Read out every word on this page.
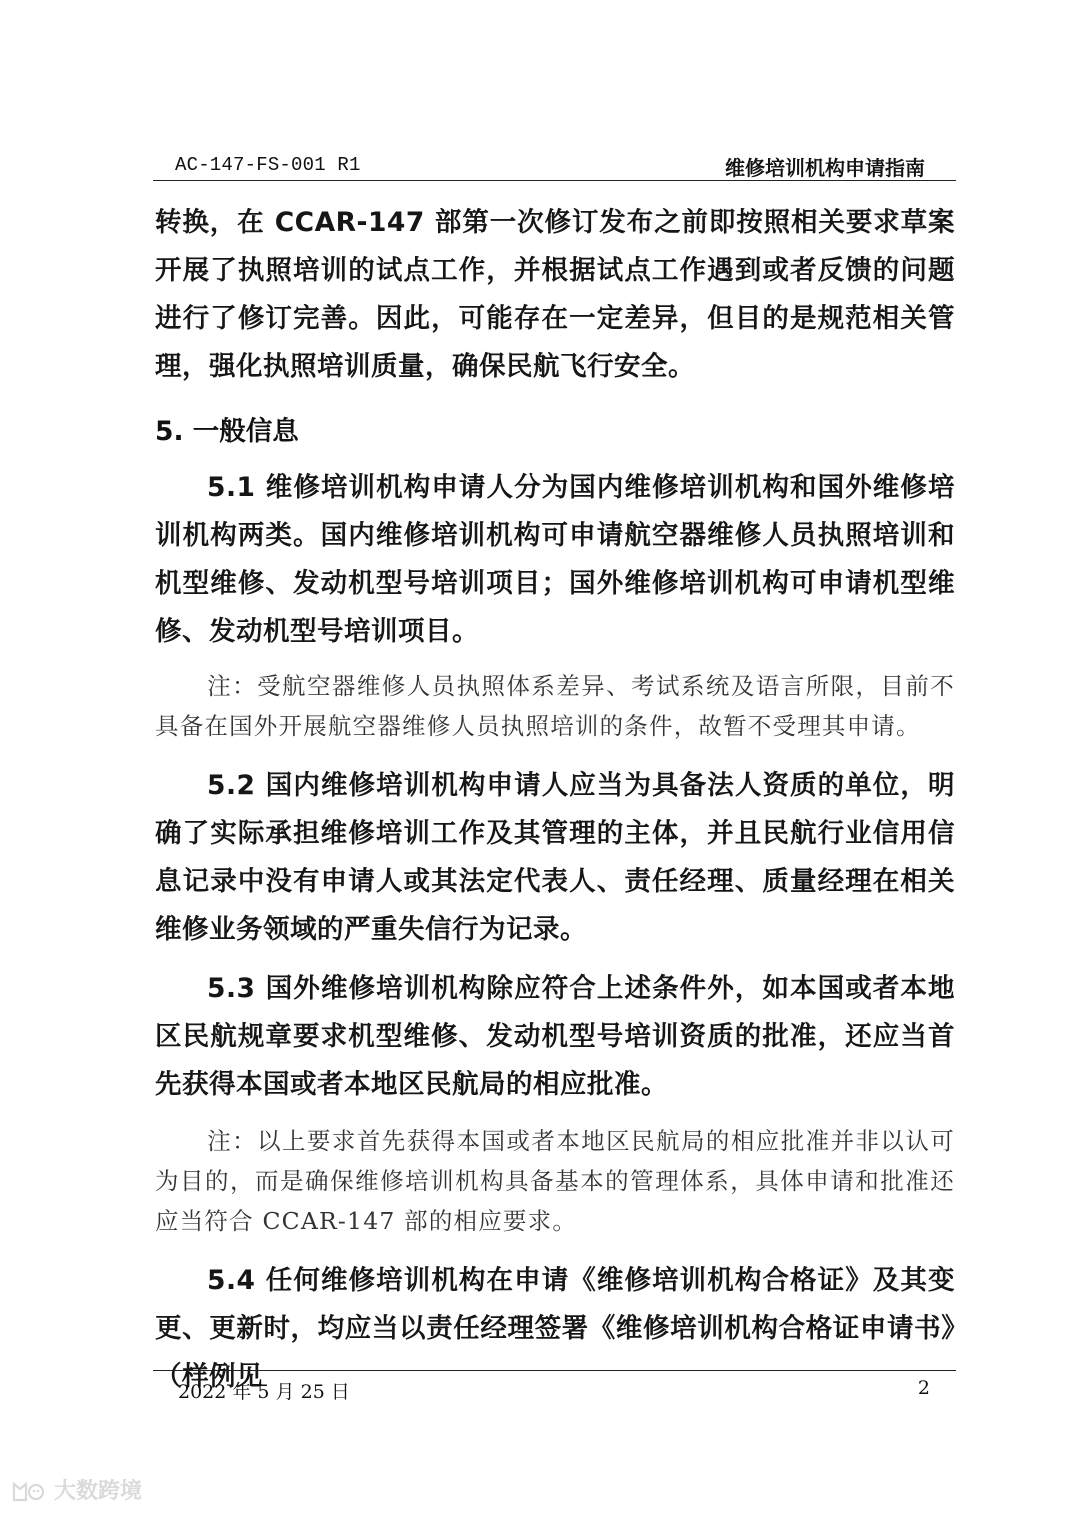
AC-147-FS-001 R1	维修培训机构申请指南
转换，在 CCAR-147 部第一次修订发布之前即按照相关要求草案开展了执照培训的试点工作，并根据试点工作遇到或者反馈的问题进行了修订完善。因此，可能存在一定差异，但目的是规范相关管理，强化执照培训质量，确保民航飞行安全。
5. 一般信息
5.1 维修培训机构申请人分为国内维修培训机构和国外维修培训机构两类。国内维修培训机构可申请航空器维修人员执照培训和机型维修、发动机型号培训项目；国外维修培训机构可申请机型维修、发动机型号培训项目。
注：受航空器维修人员执照体系差异、考试系统及语言所限，目前不具备在国外开展航空器维修人员执照培训的条件，故暂不受理其申请。
5.2 国内维修培训机构申请人应当为具备法人资质的单位，明确了实际承担维修培训工作及其管理的主体，并且民航行业信用信息记录中没有申请人或其法定代表人、责任经理、质量经理在相关维修业务领域的严重失信行为记录。
5.3 国外维修培训机构除应符合上述条件外，如本国或者本地区民航规章要求机型维修、发动机型号培训资质的批准，还应当首先获得本国或者本地区民航局的相应批准。
注：以上要求首先获得本国或者本地区民航局的相应批准并非以认可为目的，而是确保维修培训机构具备基本的管理体系，具体申请和批准还应当符合 CCAR-147 部的相应要求。
5.4 任何维修培训机构在申请《维修培训机构合格证》及其变更、更新时，均应当以责任经理签署《维修培训机构合格证申请书》（样例见
2022 年 5 月 25 日	2
大数跨境
